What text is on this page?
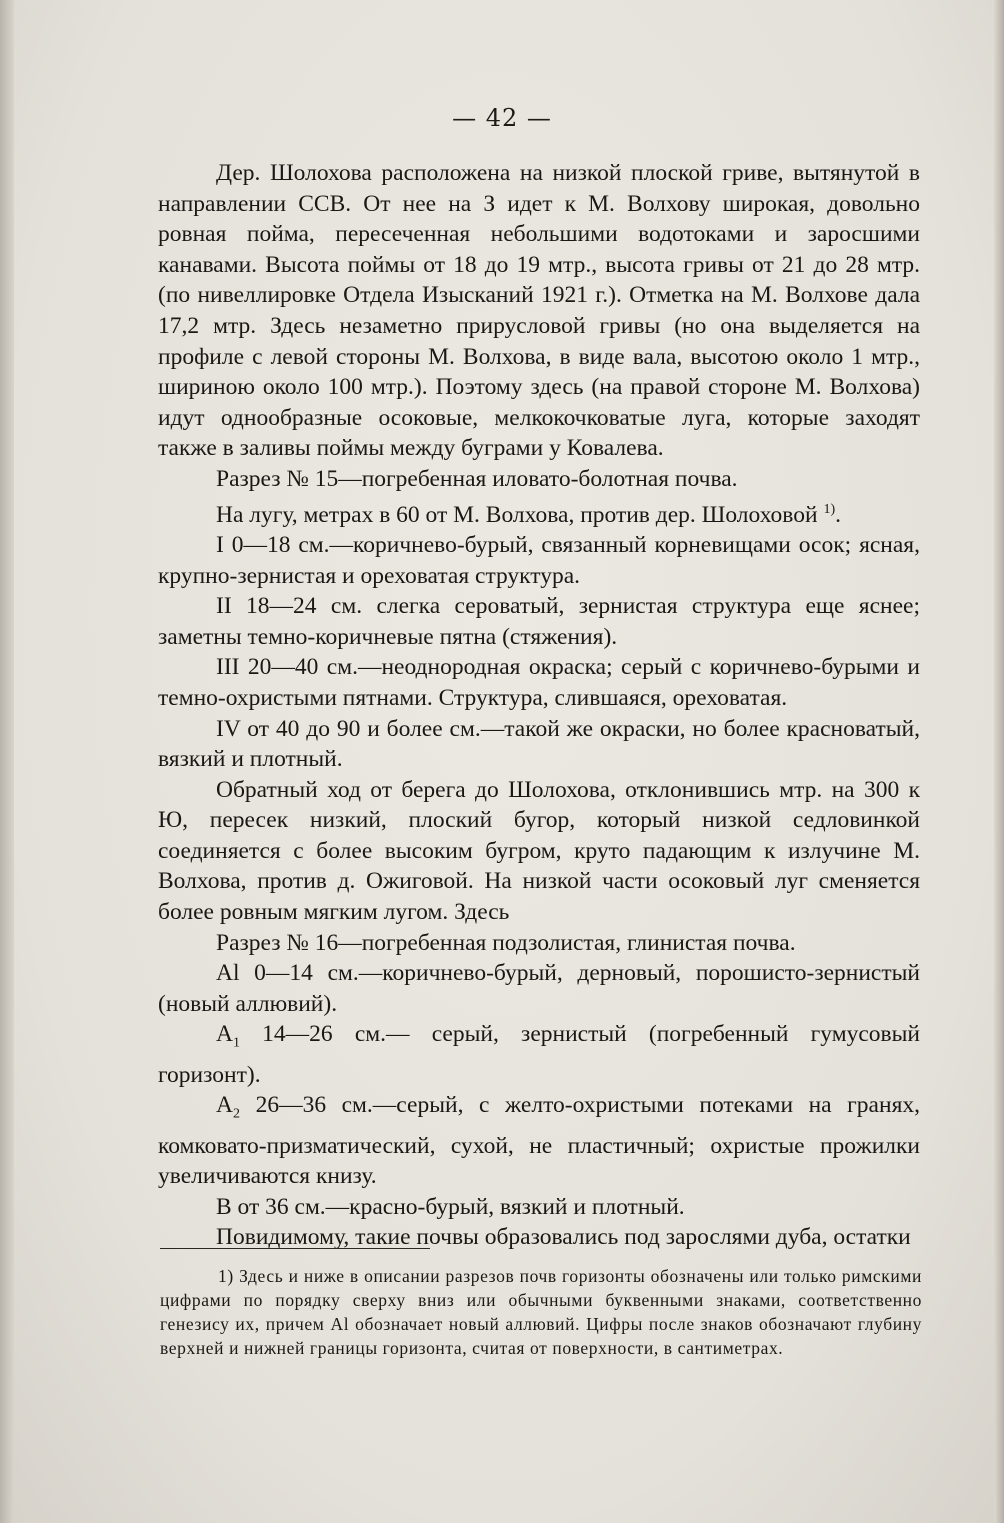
— 42 —

Дер. Шолохова расположена на низкой плоской гриве, вытянутой в направлении ССВ. От нее на З идет к М. Волхову широкая, довольно ровная пойма, пересеченная небольшими водотоками и заросшими канавами. Высота поймы от 18 до 19 мтр., высота гривы от 21 до 28 мтр. (по нивеллировке Отдела Изысканий 1921 г.). Отметка на М. Волхове дала 17,2 мтр. Здесь незаметно прирусловой гривы (но она выделяется на профиле с левой стороны М. Волхова, в виде вала, высотою около 1 мтр., шириною около 100 мтр.). Поэтому здесь (на правой стороне М. Волхова) идут однообразные осоковые, мелкокочковатые луга, которые заходят также в заливы поймы между буграми у Ковалева.

Разрез № 15—погребенная иловато-болотная почва.

На лугу, метрах в 60 от М. Волхова, против дер. Шолоховой $^{1)}$.

I 0—18 см.—коричнево-бурый, связанный корневищами осок; ясная, крупно-зернистая и ореховатая структура.

II 18—24 см. слегка сероватый, зернистая структура еще яснее; заметны темно-коричневые пятна (стяжения).

III 20—40 см.—неоднородная окраска; серый с коричнево-бурыми и темно-охристыми пятнами. Структура, слившаяся, ореховатая.

IV от 40 до 90 и более см.—такой же окраски, но более красноватый, вязкий и плотный.

Обратный ход от берега до Шолохова, отклонившись мтр. на 300 к Ю, пересек низкий, плоский бугор, который низкой седловинкой соединяется с более высоким бугром, круто падающим к излучине М. Волхова, против д. Ожиговой. На низкой части осоковый луг сменяется более ровным мягким лугом. Здесь

Разрез № 16—погребенная подзолистая, глинистая почва.

Al 0—14 см.—коричнево-бурый, дерновый, порошисто-зернистый (новый аллювий).

$A_1$ 14—26 см.— серый, зернистый (погребенный гумусовый горизонт).

$A_2$ 26—36 см.—серый, с желто-охристыми потеками на гранях, комковато-призматический, сухой, не пластичный; охристые прожилки увеличиваются книзу.

В от 36 см.—красно-бурый, вязкий и плотный.

Повидимому, такие почвы образовались под зарослями дуба, остатки

1) Здесь и ниже в описании разрезов почв горизонты обозначены или только римскими цифрами по порядку сверху вниз или обычными буквенными знаками, соответственно генезису их, причем Al обозначает новый аллювий. Цифры после знаков обозначают глубину верхней и нижней границы горизонта, считая от поверхности, в сантиметрах.
